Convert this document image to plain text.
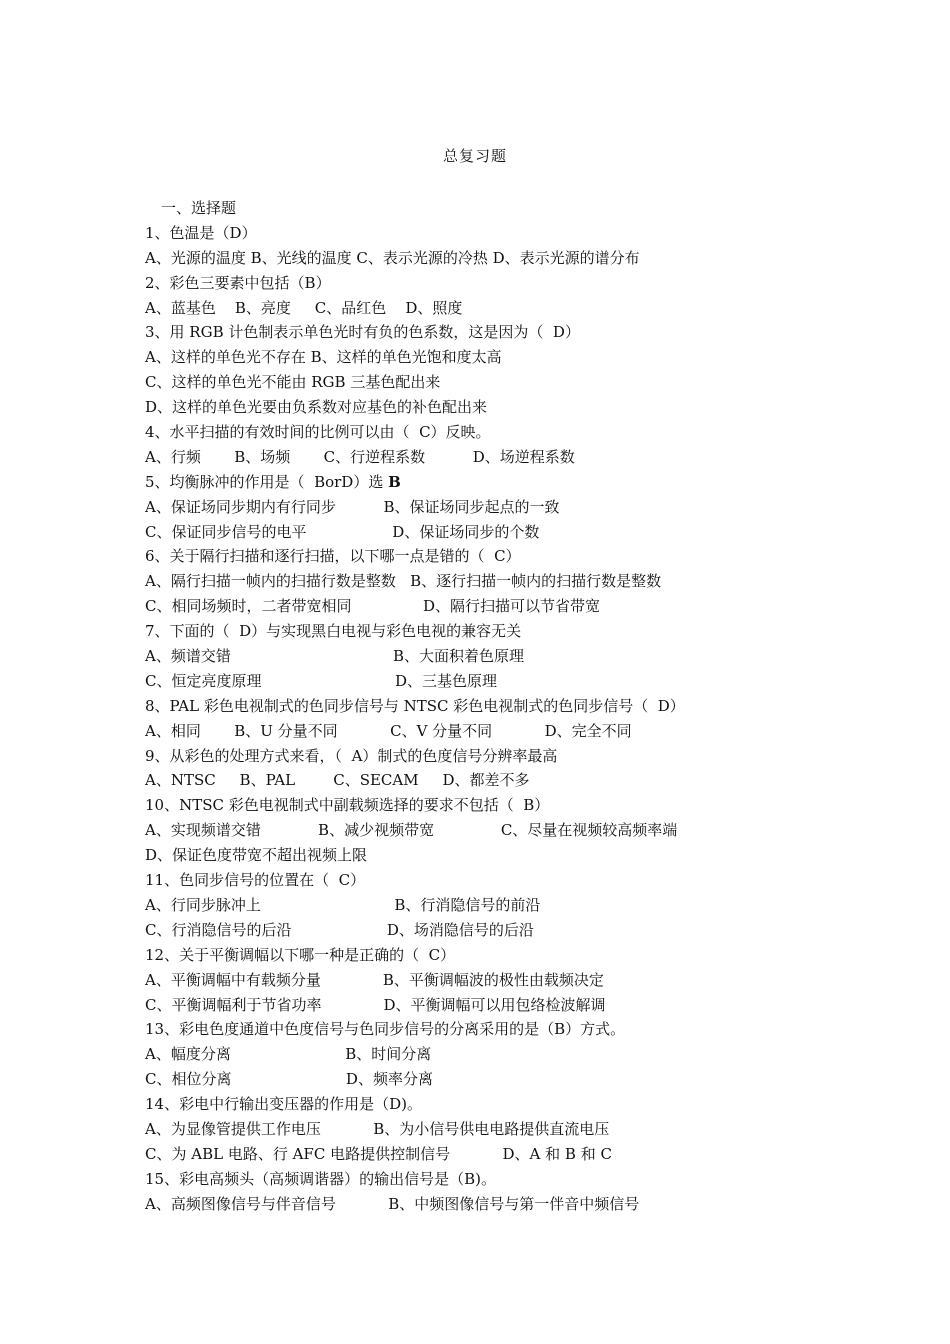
总复习题
一、选择题
1、色温是（D）
A、光源的温度 B、光线的温度 C、表示光源的冷热 D、表示光源的谱分布
2、彩色三要素中包括（B）
A、蓝基色    B、亮度     C、品红色    D、照度
3、用 RGB 计色制表示单色光时有负的色系数，这是因为（  D）
A、这样的单色光不存在 B、这样的单色光饱和度太高
C、这样的单色光不能由 RGB 三基色配出来
D、这样的单色光要由负系数对应基色的补色配出来
4、水平扫描的有效时间的比例可以由（  C）反映。
A、行频       B、场频       C、行逆程系数          D、场逆程系数
5、均衡脉冲的作用是（  BorD）选 B
A、保证场同步期内有行同步          B、保证场同步起点的一致
C、保证同步信号的电平                  D、保证场同步的个数
6、关于隔行扫描和逐行扫描，以下哪一点是错的（  C）
A、隔行扫描一帧内的扫描行数是整数   B、逐行扫描一帧内的扫描行数是整数
C、相同场频时，二者带宽相同               D、隔行扫描可以节省带宽
7、下面的（  D）与实现黑白电视与彩色电视的兼容无关
A、频谱交错                                  B、大面积着色原理
C、恒定亮度原理                            D、三基色原理
8、PAL 彩色电视制式的色同步信号与 NTSC 彩色电视制式的色同步信号（  D）
A、相同       B、U 分量不同           C、V 分量不同           D、完全不同
9、从彩色的处理方式来看，（  A）制式的色度信号分辨率最高
A、NTSC     B、PAL        C、SECAM     D、都差不多
10、NTSC 彩色电视制式中副载频选择的要求不包括（  B）
A、实现频谱交错            B、减少视频带宽              C、尽量在视频较高频率端
D、保证色度带宽不超出视频上限
11、色同步信号的位置在（  C）
A、行同步脉冲上                            B、行消隐信号的前沿
C、行消隐信号的后沿                    D、场消隐信号的后沿
12、关于平衡调幅以下哪一种是正确的（  C）
A、平衡调幅中有载频分量             B、平衡调幅波的极性由载频决定
C、平衡调幅利于节省功率             D、平衡调幅可以用包络检波解调
13、彩电色度通道中色度信号与色同步信号的分离采用的是（B）方式。
A、幅度分离                        B、时间分离
C、相位分离                        D、频率分离
14、彩电中行输出变压器的作用是（D)。
A、为显像管提供工作电压           B、为小信号供电电路提供直流电压
C、为 ABL 电路、行 AFC 电路提供控制信号           D、A 和 B 和 C
15、彩电高频头（高频调谐器）的输出信号是（B)。
A、高频图像信号与伴音信号           B、中频图像信号与第一伴音中频信号
